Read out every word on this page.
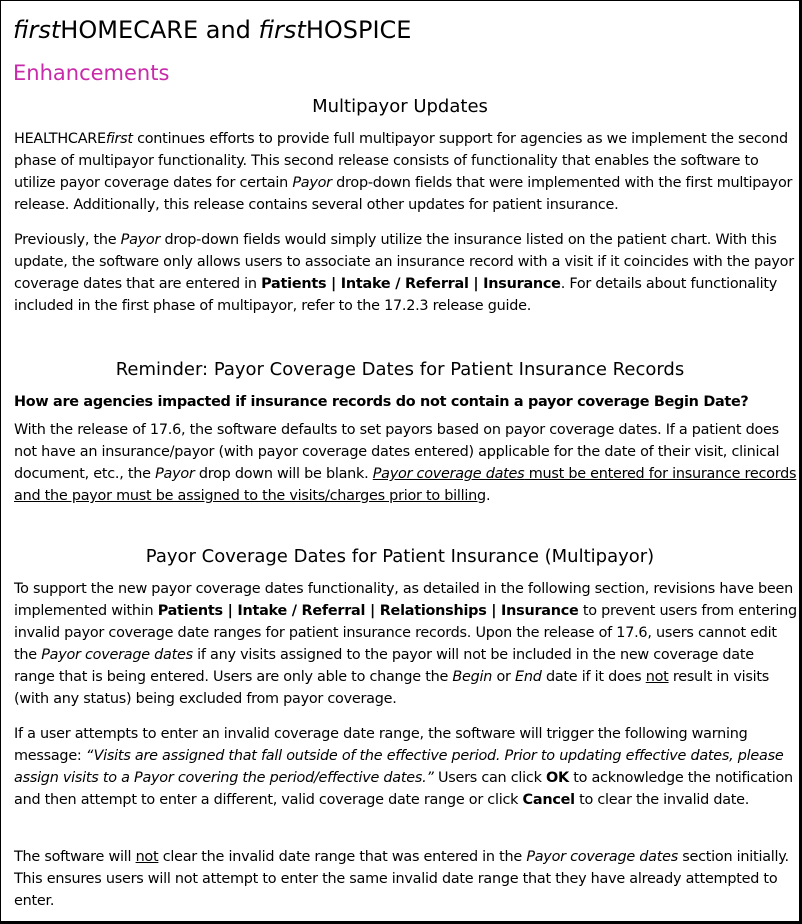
firstHOMECARE and firstHOSPICE
Enhancements
Multipayor Updates

HEALTHCAREfirst continues efforts to provide full multipayor support for agencies as we implement the second phase of multipayor functionality. This second release consists of functionality that enables the software to utilize payor coverage dates for certain Payor drop-down fields that were implemented with the first multipayor release. Additionally, this release contains several other updates for patient insurance.

Previously, the Payor drop-down fields would simply utilize the insurance listed on the patient chart. With this update, the software only allows users to associate an insurance record with a visit if it coincides with the payor coverage dates that are entered in Patients | Intake / Referral | Insurance. For details about functionality included in the first phase of multipayor, refer to the 17.2.3 release guide.

Reminder: Payor Coverage Dates for Patient Insurance Records

How are agencies impacted if insurance records do not contain a payor coverage Begin Date?

With the release of 17.6, the software defaults to set payors based on payor coverage dates. If a patient does not have an insurance/payor (with payor coverage dates entered) applicable for the date of their visit, clinical document, etc., the Payor drop down will be blank. Payor coverage dates must be entered for insurance records and the payor must be assigned to the visits/charges prior to billing.

Payor Coverage Dates for Patient Insurance (Multipayor)

To support the new payor coverage dates functionality, as detailed in the following section, revisions have been implemented within Patients | Intake / Referral | Relationships | Insurance to prevent users from entering invalid payor coverage date ranges for patient insurance records. Upon the release of 17.6, users cannot edit the Payor coverage dates if any visits assigned to the payor will not be included in the new coverage date range that is being entered. Users are only able to change the Begin or End date if it does not result in visits (with any status) being excluded from payor coverage.

If a user attempts to enter an invalid coverage date range, the software will trigger the following warning message: “Visits are assigned that fall outside of the effective period. Prior to updating effective dates, please assign visits to a Payor covering the period/effective dates.” Users can click OK to acknowledge the notification and then attempt to enter a different, valid coverage date range or click Cancel to clear the invalid date.

The software will not clear the invalid date range that was entered in the Payor coverage dates section initially. This ensures users will not attempt to enter the same invalid date range that they have already attempted to enter.
